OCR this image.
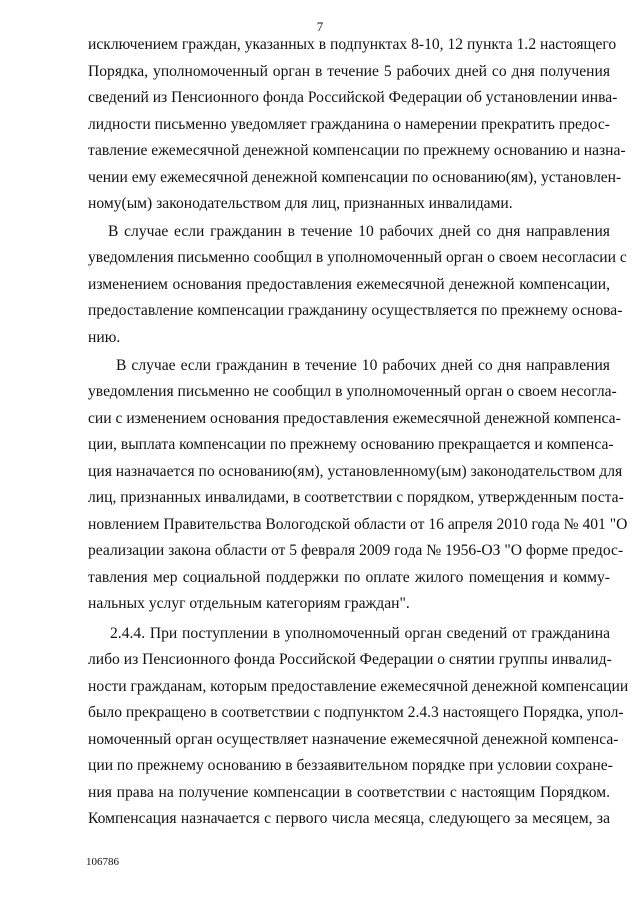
7
исключением граждан, указанных в подпунктах 8-10, 12 пункта 1.2 настоящего
Порядка, уполномоченный орган в течение 5 рабочих дней со дня получения
сведений из Пенсионного фонда Российской Федерации об установлении инва-
лидности письменно уведомляет гражданина о намерении прекратить предос-
тавление ежемесячной денежной компенсации по прежнему основанию и назна-
чении ему ежемесячной денежной компенсации по основанию(ям), установлен-
ному(ым) законодательством для лиц, признанных инвалидами.
В случае если гражданин в течение 10 рабочих дней со дня направления
уведомления письменно сообщил в уполномоченный орган о своем несогласии с
изменением основания предоставления ежемесячной денежной компенсации,
предоставление компенсации гражданину осуществляется по прежнему основа-
нию.
В случае если гражданин в течение 10 рабочих дней со дня направления
уведомления письменно не сообщил в уполномоченный орган о своем несогла-
сии с изменением основания предоставления ежемесячной денежной компенса-
ции, выплата компенсации по прежнему основанию прекращается и компенса-
ция назначается по основанию(ям), установленному(ым) законодательством для
лиц, признанных инвалидами, в соответствии с порядком, утвержденным поста-
новлением Правительства Вологодской области от 16 апреля 2010 года № 401 "О
реализации закона области от 5 февраля 2009 года № 1956-ОЗ "О форме предос-
тавления мер социальной поддержки по оплате жилого помещения и комму-
нальных услуг отдельным категориям граждан".
2.4.4. При поступлении в уполномоченный орган сведений от гражданина
либо из Пенсионного фонда Российской Федерации о снятии группы инвалид-
ности гражданам, которым предоставление ежемесячной денежной компенсации
было прекращено в соответствии с подпунктом 2.4.3 настоящего Порядка, упол-
номоченный орган осуществляет назначение ежемесячной денежной компенса-
ции по прежнему основанию в беззаявительном порядке при условии сохране-
ния права на получение компенсации в соответствии с настоящим Порядком.
Компенсация назначается с первого числа месяца, следующего за месяцем, за
106786
